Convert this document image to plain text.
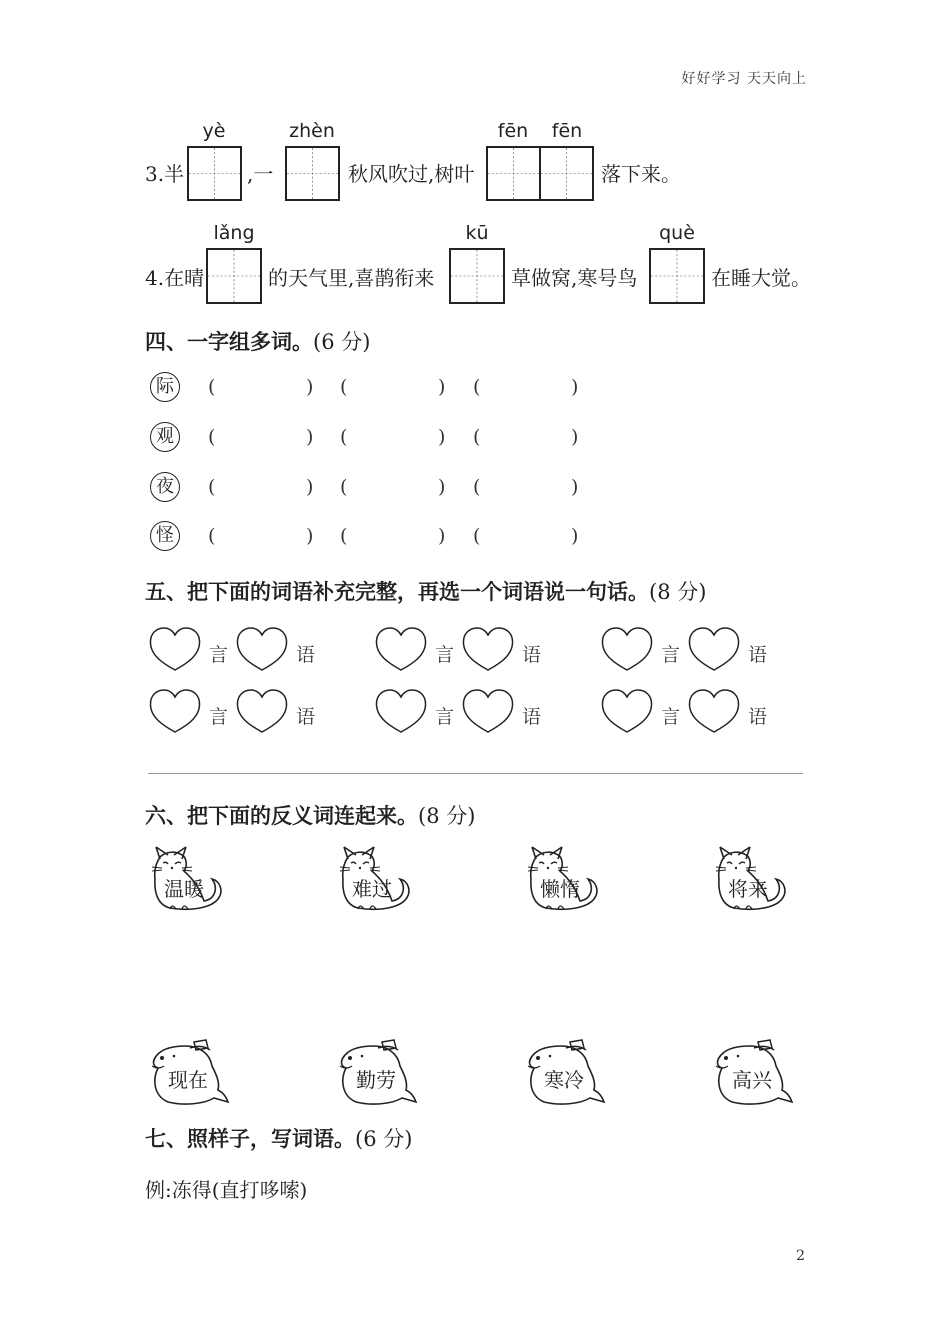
好好学习 天天向上
yè	zhèn	fēn	fēn
3.半	,一	秋风吹过,树叶	落下来。
lǎng	kū	què
4.在晴	的天气里,喜鹊衔来	草做窝,寒号鸟	在睡大觉。
四、一字组多词。(6 分)
际	(	) (	) (	)
观	(	) (	) (	)
夜	(	) (	) (	)
怪	(	) (	) (	)
五、把下面的词语补充完整，再选一个词语说一句话。(8 分)
言	语	言	语	言	语
言	语	言	语	言	语
六、把下面的反义词连起来。(8 分)
温暖	难过	懒惰	将来
现在	勤劳	寒冷	高兴
七、照样子，写词语。(6 分)
例:冻得(直打哆嗦)
2
